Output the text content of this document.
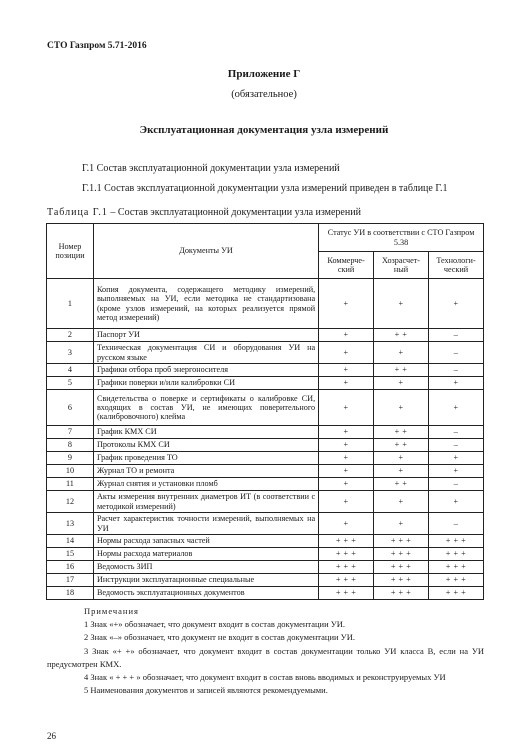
СТО Газпром 5.71-2016
Приложение Г
(обязательное)
Эксплуатационная документация узла измерений
Г.1 Состав эксплуатационной документации узла измерений
Г.1.1 Состав эксплуатационной документации узла измерений приведен в таблице Г.1
Таблица Г.1 – Состав эксплуатационной документации узла измерений
Номер позиции	Документы УИ	Статус УИ в соответствии с СТО Газпром 5.38		
		Коммерче-ский	Хозрасчет-ный	Технологи-ческий
1	Копия документа, содержащего методику измерений, выполняемых на УИ, если методика не стандартизована (кроме узлов измерений, на которых реализуется прямой метод измерений)	+	+	+
2	Паспорт УИ	+	+ +	–
3	Техническая документация СИ и оборудования УИ на русском языке	+	+	–
4	Графики отбора проб энергоносителя	+	+ +	–
5	Графики поверки и/или калибровки СИ	+	+	+
6	Свидетельства о поверке и сертификаты о калибровке СИ, входящих в состав УИ, не имеющих поверительного (калибровочного) клейма	+	+	+
7	График КМХ СИ	+	+ +	–
8	Протоколы КМХ СИ	+	+ +	–
9	График проведения ТО	+	+	+
10	Журнал ТО и ремонта	+	+	+
11	Журнал снятия и установки пломб	+	+ +	–
12	Акты измерения внутренних диаметров ИТ (в соответствии с методикой измерений)	+	+	+
13	Расчет характеристик точности измерений, выполняемых на УИ	+	+	–
14	Нормы расхода запасных частей	+ + +	+ + +	+ + +
15	Нормы расхода материалов	+ + +	+ + +	+ + +
16	Ведомость ЗИП	+ + +	+ + +	+ + +
17	Инструкции эксплуатационные специальные	+ + +	+ + +	+ + +
18	Ведомость эксплуатационных документов	+ + +	+ + +	+ + +
Примечания
1 Знак «+» обозначает, что документ входит в состав документации УИ.
2 Знак «–» обозначает, что документ не входит в состав документации УИ.
3 Знак «+ +» обозначает, что документ входит в состав документации только УИ класса В, если на УИ предусмотрен КМХ.
4 Знак « + + + » обозначает, что документ входит в состав вновь вводимых и реконструируемых УИ
5 Наименования документов и записей являются рекомендуемыми.
26
